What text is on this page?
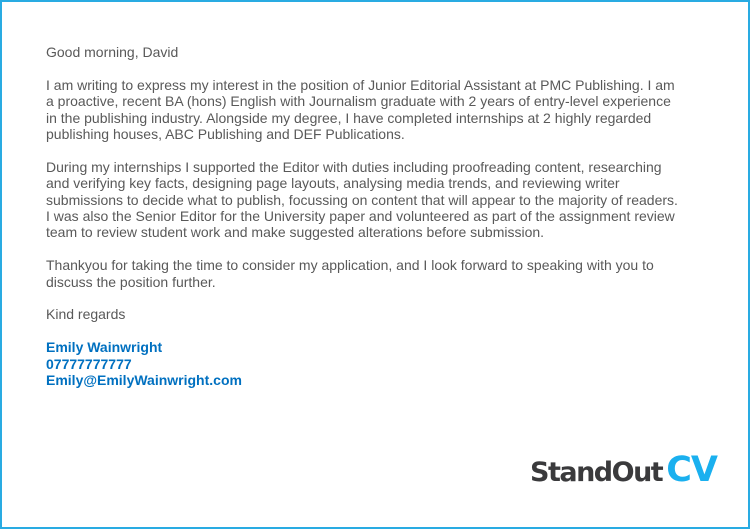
Good morning, David

I am writing to express my interest in the position of Junior Editorial Assistant at PMC Publishing. I am
a proactive, recent BA (hons) English with Journalism graduate with 2 years of entry-level experience
in the publishing industry. Alongside my degree, I have completed internships at 2 highly regarded
publishing houses, ABC Publishing and DEF Publications.

During my internships I supported the Editor with duties including proofreading content, researching
and verifying key facts, designing page layouts, analysing media trends, and reviewing writer
submissions to decide what to publish, focussing on content that will appear to the majority of readers.
I was also the Senior Editor for the University paper and volunteered as part of the assignment review
team to review student work and make suggested alterations before submission.

Thankyou for taking the time to consider my application, and I look forward to speaking with you to
discuss the position further.

Kind regards

Emily Wainwright
07777777777
Emily@EmilyWainwright.com
StandOut CV
